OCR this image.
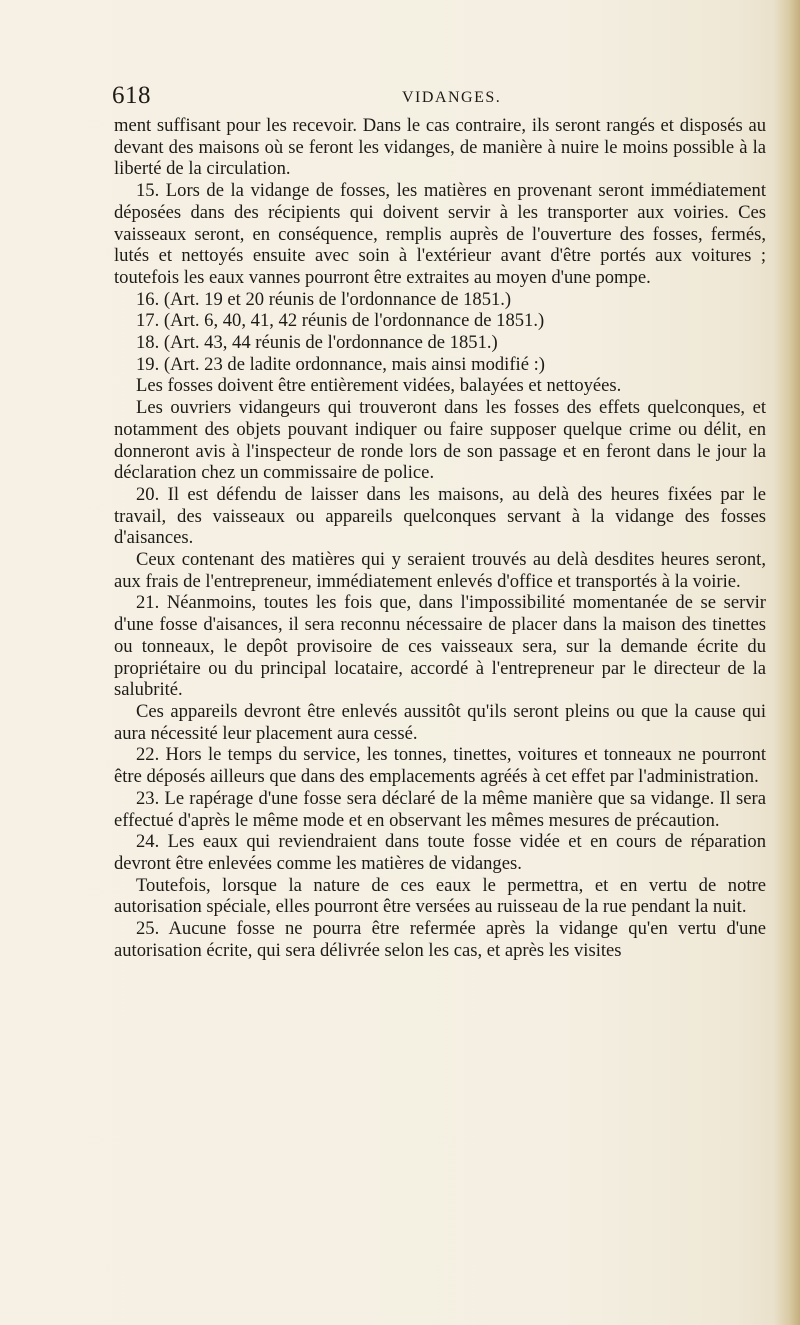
618	VIDANGES.

ment suffisant pour les recevoir. Dans le cas contraire, ils seront rangés et disposés au devant des maisons où se feront les vidanges, de manière à nuire le moins possible à la liberté de la circulation.

15. Lors de la vidange de fosses, les matières en provenant seront immédiatement déposées dans des récipients qui doivent servir à les transporter aux voiries. Ces vaisseaux seront, en conséquence, remplis auprès de l'ouverture des fosses, fermés, lutés et nettoyés ensuite avec soin à l'extérieur avant d'être portés aux voitures ; toutefois les eaux vannes pourront être extraites au moyen d'une pompe.

16. (Art. 19 et 20 réunis de l'ordonnance de 1851.)

17. (Art. 6, 40, 41, 42 réunis de l'ordonnance de 1851.)

18. (Art. 43, 44 réunis de l'ordonnance de 1851.)

19. (Art. 23 de ladite ordonnance, mais ainsi modifié :)

Les fosses doivent être entièrement vidées, balayées et nettoyées.

Les ouvriers vidangeurs qui trouveront dans les fosses des effets quelconques, et notamment des objets pouvant indiquer ou faire supposer quelque crime ou délit, en donneront avis à l'inspecteur de ronde lors de son passage et en feront dans le jour la déclaration chez un commissaire de police.

20. Il est défendu de laisser dans les maisons, au delà des heures fixées par le travail, des vaisseaux ou appareils quelconques servant à la vidange des fosses d'aisances.

Ceux contenant des matières qui y seraient trouvés au delà desdites heures seront, aux frais de l'entrepreneur, immédiatement enlevés d'office et transportés à la voirie.

21. Néanmoins, toutes les fois que, dans l'impossibilité momentanée de se servir d'une fosse d'aisances, il sera reconnu nécessaire de placer dans la maison des tinettes ou tonneaux, le depôt provisoire de ces vaisseaux sera, sur la demande écrite du propriétaire ou du principal locataire, accordé à l'entrepreneur par le directeur de la salubrité.

Ces appareils devront être enlevés aussitôt qu'ils seront pleins ou que la cause qui aura nécessité leur placement aura cessé.

22. Hors le temps du service, les tonnes, tinettes, voitures et tonneaux ne pourront être déposés ailleurs que dans des emplacements agréés à cet effet par l'administration.

23. Le rapérage d'une fosse sera déclaré de la même manière que sa vidange. Il sera effectué d'après le même mode et en observant les mêmes mesures de précaution.

24. Les eaux qui reviendraient dans toute fosse vidée et en cours de réparation devront être enlevées comme les matières de vidanges.

Toutefois, lorsque la nature de ces eaux le permettra, et en vertu de notre autorisation spéciale, elles pourront être versées au ruisseau de la rue pendant la nuit.

25. Aucune fosse ne pourra être refermée après la vidange qu'en vertu d'une autorisation écrite, qui sera délivrée selon les cas, et après les visites
